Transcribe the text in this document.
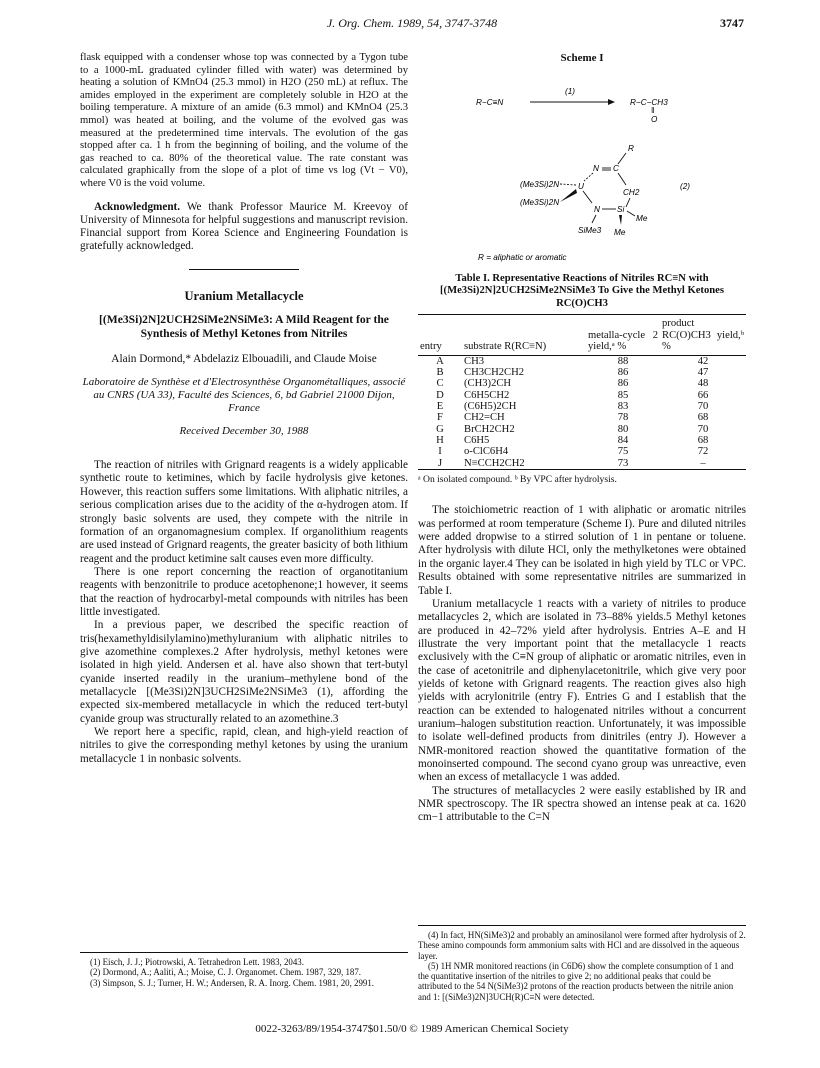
J. Org. Chem. 1989, 54, 3747-3748	3747

flask equipped with a condenser whose top was connected by a Tygon tube to a 1000-mL graduated cylinder filled with water) was determined by heating a solution of KMnO4 (25.3 mmol) in H2O (250 mL) at reflux. The amides employed in the experiment are completely soluble in H2O at the boiling temperature. A mixture of an amide (6.3 mmol) and KMnO4 (25.3 mmol) was heated at boiling, and the volume of the evolved gas was measured at the predetermined time intervals. The evolution of the gas stopped after ca. 1 h from the beginning of boiling, and the volume of the gas reached to ca. 80% of the theoretical value. The rate constant was calculated graphically from the slope of a plot of time vs log (Vt − V0), where V0 is the void volume.

Acknowledgment. We thank Professor Maurice M. Kreevoy of University of Minnesota for helpful suggestions and manuscript revision. Financial support from Korea Science and Engineering Foundation is gratefully acknowledged.

Uranium Metallacycle
[(Me3Si)2N]2UCH2SiMe2NSiMe3: A Mild Reagent for the Synthesis of Methyl Ketones from Nitriles
Alain Dormond,* Abdelaziz Elbouadili, and Claude Moise
Laboratoire de Synthèse et d'Electrosynthèse Organométalliques, associé au CNRS (UA 33), Faculté des Sciences, 6, bd Gabriel 21000 Dijon, France
Received December 30, 1988

The reaction of nitriles with Grignard reagents is a widely applicable synthetic route to ketimines, which by facile hydrolysis give ketones. However, this reaction suffers some limitations. With aliphatic nitriles, a serious complication arises due to the acidity of the α-hydrogen atom. If strongly basic solvents are used, they compete with the nitrile in formation of an organomagnesium complex. If organolithium reagents are used instead of Grignard reagents, the greater basicity of both lithium reagent and the product ketimine salt causes even more difficulty.

There is one report concerning the reaction of organotitanium reagents with benzonitrile to produce acetophenone;1 however, it seems that the reaction of hydrocarbyl-metal compounds with nitriles has been little investigated.

In a previous paper, we described the specific reaction of tris(hexamethyldisilylamino)methyluranium with aliphatic nitriles to give azomethine complexes.2 After hydrolysis, methyl ketones were isolated in high yield. Andersen et al. have also shown that tert-butyl cyanide inserted readily in the uranium–methylene bond of the metallacycle [(Me3Si)2N]3UCH2SiMe2NSiMe3 (1), affording the expected six-membered metallacycle in which the reduced tert-butyl cyanide group was structurally related to an azomethine.3

We report here a specific, rapid, clean, and high-yield reaction of nitriles to give the corresponding methyl ketones by using the uranium metallacycle 1 in nonbasic solvents.

(1) Eisch, J. J.; Piotrowski, A. Tetrahedron Lett. 1983, 2043.
(2) Dormond, A.; Aaliti, A.; Moise, C. J. Organomet. Chem. 1987, 329, 187.
(3) Simpson, S. J.; Turner, H. W.; Andersen, R. A. Inorg. Chem. 1981, 20, 2991.
Scheme I
R−C≡N
(1)
R−C−CH3
‖
O
R
N C
CH2
U
(Me3Si)2N
(Me3Si)2N
N Si
Me
Me
SiMe3
(2)
R = aliphatic or aromatic
Table I. Representative Reactions of Nitriles RC≡N with [(Me3Si)2N]2UCH2SiMe2NSiMe3 To Give the Methyl Ketones RC(O)CH3
entry	substrate R(RC≡N)	metalla-cycle 2 yield,ᵃ %	product RC(O)CH3 yield,ᵇ %
A	CH3	88	42
B	CH3CH2CH2	86	47
C	(CH3)2CH	86	48
D	C6H5CH2	85	66
E	(C6H5)2CH	83	70
F	CH2=CH	78	68
G	BrCH2CH2	80	70
H	C6H5	84	68
I	o-ClC6H4	75	72
J	N≡CCH2CH2	73	–
ᵃ On isolated compound. ᵇ By VPC after hydrolysis.

The stoichiometric reaction of 1 with aliphatic or aromatic nitriles was performed at room temperature (Scheme I). Pure and diluted nitriles were added dropwise to a stirred solution of 1 in pentane or toluene. After hydrolysis with dilute HCl, only the methylketones were obtained in the organic layer.4 They can be isolated in high yield by TLC or VPC. Results obtained with some representative nitriles are summarized in Table I.

Uranium metallacycle 1 reacts with a variety of nitriles to produce metallacycles 2, which are isolated in 73–88% yields.5 Methyl ketones are produced in 42–72% yield after hydrolysis. Entries A–E and H illustrate the very important point that the metallacycle 1 reacts exclusively with the C≡N group of aliphatic or aromatic nitriles, even in the case of acetonitrile and diphenylacetonitrile, which give very poor yields of ketone with Grignard reagents. The reaction gives also high yields with acrylonitrile (entry F). Entries G and I establish that the reaction can be extended to halogenated nitriles without a concurrent uranium–halogen substitution reaction. Unfortunately, it was impossible to isolate well-defined products from dinitriles (entry J). However a NMR-monitored reaction showed the quantitative formation of the monoinserted compound. The second cyano group was unreactive, even when an excess of metallacycle 1 was added.

The structures of metallacycles 2 were easily established by IR and NMR spectroscopy. The IR spectra showed an intense peak at ca. 1620 cm−1 attributable to the C=N

(4) In fact, HN(SiMe3)2 and probably an aminosilanol were formed after hydrolysis of 2. These amino compounds form ammonium salts with HCl and are dissolved in the aqueous layer.
(5) 1H NMR monitored reactions (in C6D6) show the complete consumption of 1 and the quantitative insertion of the nitriles to give 2; no additional peaks that could be attributed to the 54 N(SiMe3)2 protons of the reaction products between the nitrile anion and 1: [(SiMe3)2N]3UCH(R)C≡N were detected.
0022-3263/89/1954-3747$01.50/0 © 1989 American Chemical Society
